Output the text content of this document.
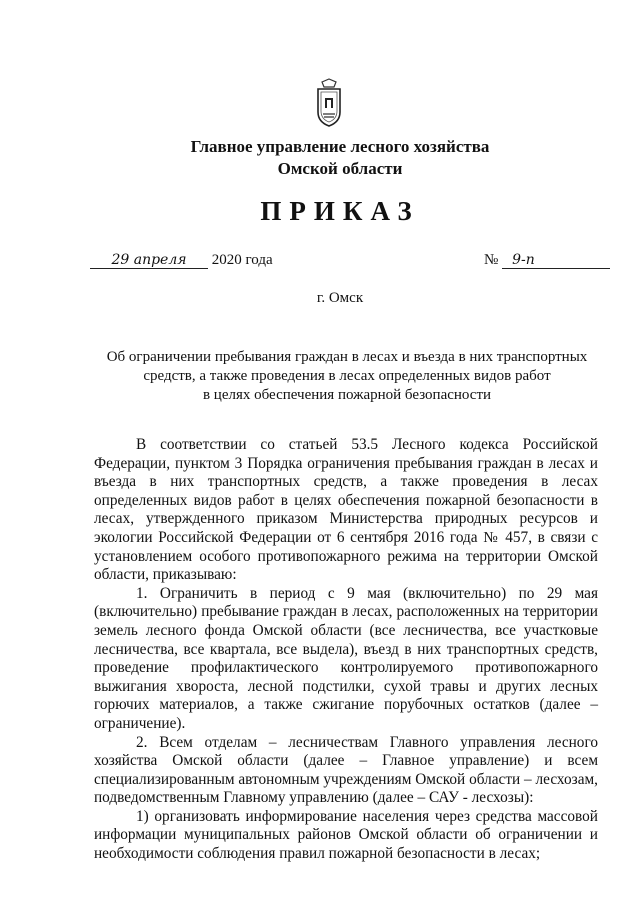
Главное управление лесного хозяйства
Омской области
ПРИКАЗ
29 апреля 2020 года	№ 9-п
г. Омск
Об ограничении пребывания граждан в лесах и въезда в них транспортных
средств, а также проведения в лесах определенных видов работ
в целях обеспечения пожарной безопасности

В соответствии со статьей 53.5 Лесного кодекса Российской Федерации, пунктом 3 Порядка ограничения пребывания граждан в лесах и въезда в них транспортных средств, а также проведения в лесах определенных видов работ в целях обеспечения пожарной безопасности в лесах, утвержденного приказом Министерства природных ресурсов и экологии Российской Федерации от 6 сентября 2016 года № 457, в связи с установлением особого противопожарного режима на территории Омской области, приказываю:

1. Ограничить в период с 9 мая (включительно) по 29 мая (включительно) пребывание граждан в лесах, расположенных на территории земель лесного фонда Омской области (все лесничества, все участковые лесничества, все квартала, все выдела), въезд в них транспортных средств, проведение профилактического контролируемого противопожарного выжигания хвороста, лесной подстилки, сухой травы и других лесных горючих материалов, а также сжигание порубочных остатков (далее – ограничение).

2. Всем отделам – лесничествам Главного управления лесного хозяйства Омской области (далее – Главное управление) и всем специализированным автономным учреждениям Омской области – лесхозам, подведомственным Главному управлению (далее – САУ - лесхозы):

1) организовать информирование населения через средства массовой информации муниципальных районов Омской области об ограничении и необходимости соблюдения правил пожарной безопасности в лесах;
